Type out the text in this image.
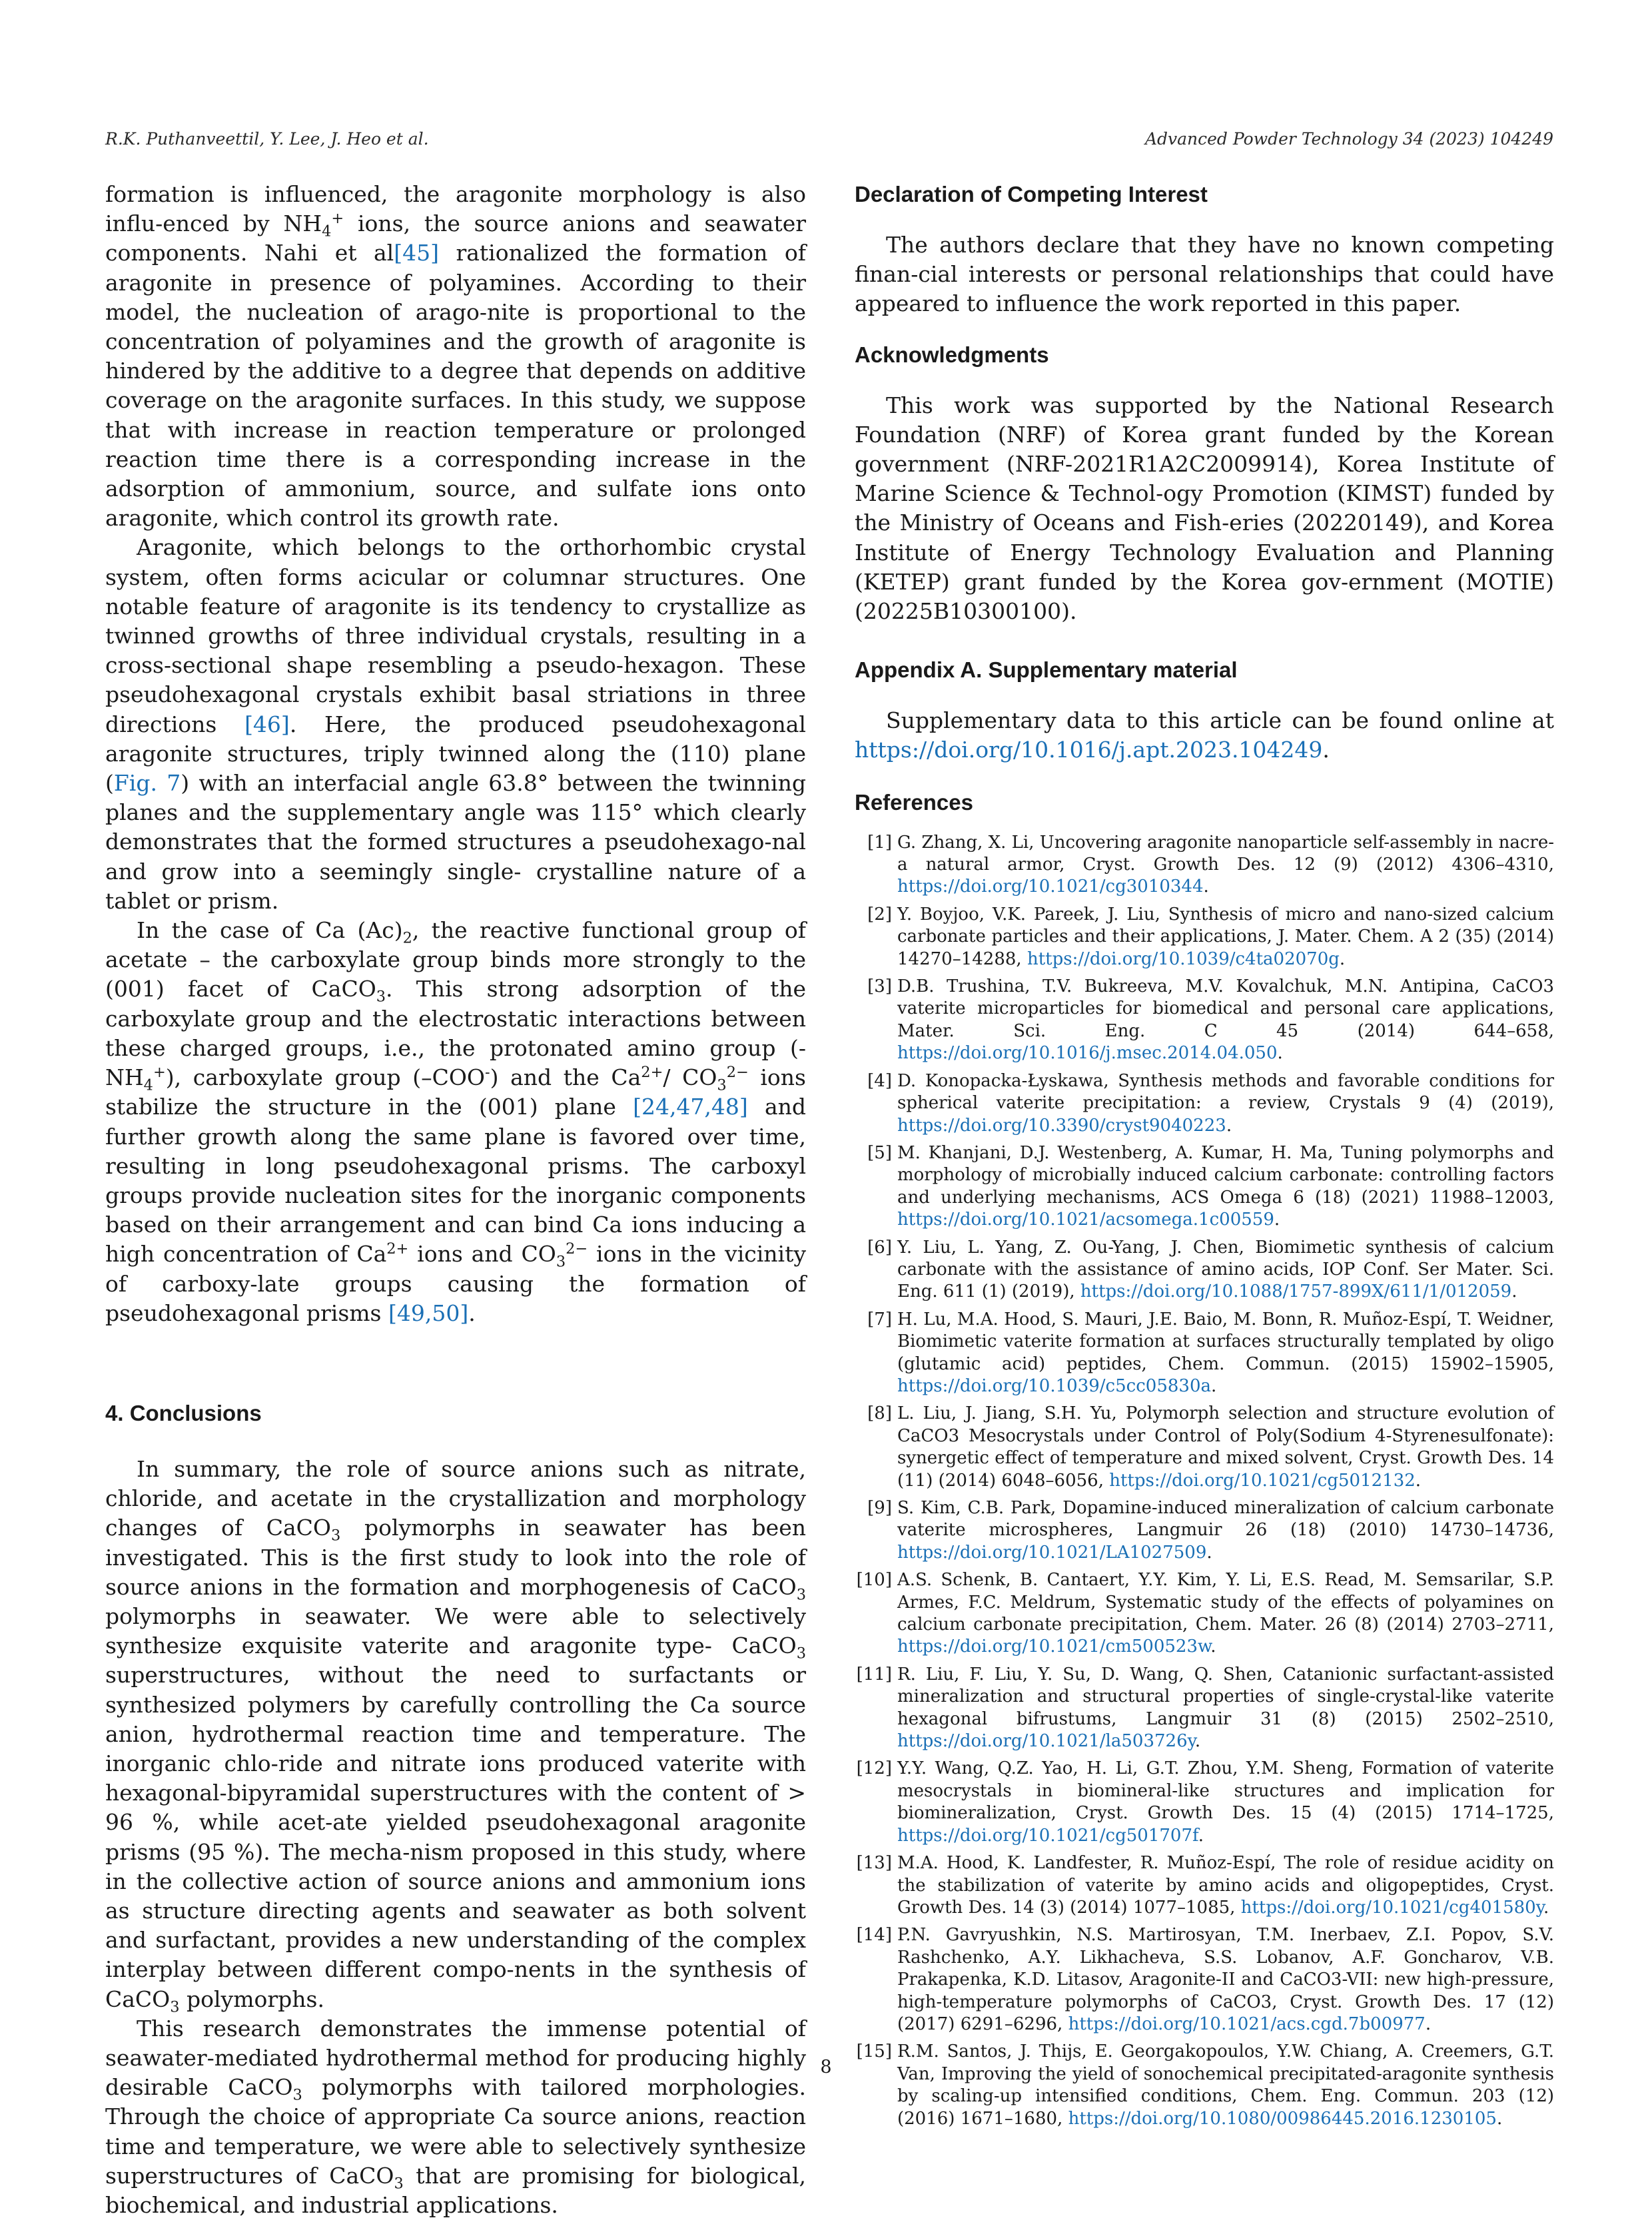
R.K. Puthanveettil, Y. Lee, J. Heo et al.	Advanced Powder Technology 34 (2023) 104249

formation is influenced, the aragonite morphology is also influ-enced by $NH_4^+$ ions, the source anions and seawater components. Nahi et al[45] rationalized the formation of aragonite in presence of polyamines. According to their model, the nucleation of arago-nite is proportional to the concentration of polyamines and the growth of aragonite is hindered by the additive to a degree that depends on additive coverage on the aragonite surfaces. In this study, we suppose that with increase in reaction temperature or prolonged reaction time there is a corresponding increase in the adsorption of ammonium, source, and sulfate ions onto aragonite, which control its growth rate.

Aragonite, which belongs to the orthorhombic crystal system, often forms acicular or columnar structures. One notable feature of aragonite is its tendency to crystallize as twinned growths of three individual crystals, resulting in a cross-sectional shape resembling a pseudo-hexagon. These pseudohexagonal crystals exhibit basal striations in three directions [46]. Here, the produced pseudohexagonal aragonite structures, triply twinned along the (110) plane (Fig. 7) with an interfacial angle 63.8° between the twinning planes and the supplementary angle was 115° which clearly demonstrates that the formed structures a pseudohexago-nal and grow into a seemingly single- crystalline nature of a tablet or prism.

In the case of Ca $(Ac)_2$, the reactive functional group of acetate – the carboxylate group binds more strongly to the (001) facet of CaCO$_3$. This strong adsorption of the carboxylate group and the electrostatic interactions between these charged groups, i.e., the protonated amino group $(-NH_4^+)$, carboxylate group (–COO-) and the $Ca^{2+}/$ $CO_3^{2-}$ ions stabilize the structure in the (001) plane [24,47,48] and further growth along the same plane is favored over time, resulting in long pseudohexagonal prisms. The carboxyl groups provide nucleation sites for the inorganic components based on their arrangement and can bind Ca ions inducing a high concentration of $Ca^{2+}$ ions and $CO_3^{2-}$ ions in the vicinity of carboxy-late groups causing the formation of pseudohexagonal prisms [49,50].

4. Conclusions

In summary, the role of source anions such as nitrate, chloride, and acetate in the crystallization and morphology changes of CaCO$_3$ polymorphs in seawater has been investigated. This is the first study to look into the role of source anions in the formation and morphogenesis of CaCO$_3$ polymorphs in seawater. We were able to selectively synthesize exquisite vaterite and aragonite type- CaCO$_3$ superstructures, without the need to surfactants or synthesized polymers by carefully controlling the Ca source anion, hydrothermal reaction time and temperature. The inorganic chlo-ride and nitrate ions produced vaterite with hexagonal-bipyramidal superstructures with the content of > 96 %, while acet-ate yielded pseudohexagonal aragonite prisms (95 %). The mecha-nism proposed in this study, where in the collective action of source anions and ammonium ions as structure directing agents and seawater as both solvent and surfactant, provides a new understanding of the complex interplay between different compo-nents in the synthesis of CaCO$_3$ polymorphs.

This research demonstrates the immense potential of seawater-mediated hydrothermal method for producing highly desirable CaCO$_3$ polymorphs with tailored morphologies. Through the choice of appropriate Ca source anions, reaction time and temperature, we were able to selectively synthesize superstructures of CaCO$_3$ that are promising for biological, biochemical, and industrial applications.

Declaration of Competing Interest

The authors declare that they have no known competing finan-cial interests or personal relationships that could have appeared to influence the work reported in this paper.

Acknowledgments

This work was supported by the National Research Foundation (NRF) of Korea grant funded by the Korean government (NRF-2021R1A2C2009914), Korea Institute of Marine Science & Technol-ogy Promotion (KIMST) funded by the Ministry of Oceans and Fish-eries (20220149), and Korea Institute of Energy Technology Evaluation and Planning (KETEP) grant funded by the Korea gov-ernment (MOTIE) (20225B10300100).

Appendix A. Supplementary material

Supplementary data to this article can be found online at https://doi.org/10.1016/j.apt.2023.104249.

References
[1] G. Zhang, X. Li, Uncovering aragonite nanoparticle self-assembly in nacre-a natural armor, Cryst. Growth Des. 12 (9) (2012) 4306–4310, https://doi.org/10.1021/cg3010344.
[2] Y. Boyjoo, V.K. Pareek, J. Liu, Synthesis of micro and nano-sized calcium carbonate particles and their applications, J. Mater. Chem. A 2 (35) (2014) 14270–14288, https://doi.org/10.1039/c4ta02070g.
[3] D.B. Trushina, T.V. Bukreeva, M.V. Kovalchuk, M.N. Antipina, CaCO3 vaterite microparticles for biomedical and personal care applications, Mater. Sci. Eng. C 45 (2014) 644–658, https://doi.org/10.1016/j.msec.2014.04.050.
[4] D. Konopacka-Łyskawa, Synthesis methods and favorable conditions for spherical vaterite precipitation: a review, Crystals 9 (4) (2019), https://doi.org/10.3390/cryst9040223.
[5] M. Khanjani, D.J. Westenberg, A. Kumar, H. Ma, Tuning polymorphs and morphology of microbially induced calcium carbonate: controlling factors and underlying mechanisms, ACS Omega 6 (18) (2021) 11988–12003, https://doi.org/10.1021/acsomega.1c00559.
[6] Y. Liu, L. Yang, Z. Ou-Yang, J. Chen, Biomimetic synthesis of calcium carbonate with the assistance of amino acids, IOP Conf. Ser Mater. Sci. Eng. 611 (1) (2019), https://doi.org/10.1088/1757-899X/611/1/012059.
[7] H. Lu, M.A. Hood, S. Mauri, J.E. Baio, M. Bonn, R. Muñoz-Espí, T. Weidner, Biomimetic vaterite formation at surfaces structurally templated by oligo (glutamic acid) peptides, Chem. Commun. (2015) 15902–15905, https://doi.org/10.1039/c5cc05830a.
[8] L. Liu, J. Jiang, S.H. Yu, Polymorph selection and structure evolution of CaCO3 Mesocrystals under Control of Poly(Sodium 4-Styrenesulfonate): synergetic effect of temperature and mixed solvent, Cryst. Growth Des. 14 (11) (2014) 6048–6056, https://doi.org/10.1021/cg5012132.
[9] S. Kim, C.B. Park, Dopamine-induced mineralization of calcium carbonate vaterite microspheres, Langmuir 26 (18) (2010) 14730–14736, https://doi.org/10.1021/LA1027509.
[10] A.S. Schenk, B. Cantaert, Y.Y. Kim, Y. Li, E.S. Read, M. Semsarilar, S.P. Armes, F.C. Meldrum, Systematic study of the effects of polyamines on calcium carbonate precipitation, Chem. Mater. 26 (8) (2014) 2703–2711, https://doi.org/10.1021/cm500523w.
[11] R. Liu, F. Liu, Y. Su, D. Wang, Q. Shen, Catanionic surfactant-assisted mineralization and structural properties of single-crystal-like vaterite hexagonal bifrustums, Langmuir 31 (8) (2015) 2502–2510, https://doi.org/10.1021/la503726y.
[12] Y.Y. Wang, Q.Z. Yao, H. Li, G.T. Zhou, Y.M. Sheng, Formation of vaterite mesocrystals in biomineral-like structures and implication for biomineralization, Cryst. Growth Des. 15 (4) (2015) 1714–1725, https://doi.org/10.1021/cg501707f.
[13] M.A. Hood, K. Landfester, R. Muñoz-Espí, The role of residue acidity on the stabilization of vaterite by amino acids and oligopeptides, Cryst. Growth Des. 14 (3) (2014) 1077–1085, https://doi.org/10.1021/cg401580y.
[14] P.N. Gavryushkin, N.S. Martirosyan, T.M. Inerbaev, Z.I. Popov, S.V. Rashchenko, A.Y. Likhacheva, S.S. Lobanov, A.F. Goncharov, V.B. Prakapenka, K.D. Litasov, Aragonite-II and CaCO3-VII: new high-pressure, high-temperature polymorphs of CaCO3, Cryst. Growth Des. 17 (12) (2017) 6291–6296, https://doi.org/10.1021/acs.cgd.7b00977.
[15] R.M. Santos, J. Thijs, E. Georgakopoulos, Y.W. Chiang, A. Creemers, G.T. Van, Improving the yield of sonochemical precipitated-aragonite synthesis by scaling-up intensified conditions, Chem. Eng. Commun. 203 (12) (2016) 1671–1680, https://doi.org/10.1080/00986445.2016.1230105.

8
